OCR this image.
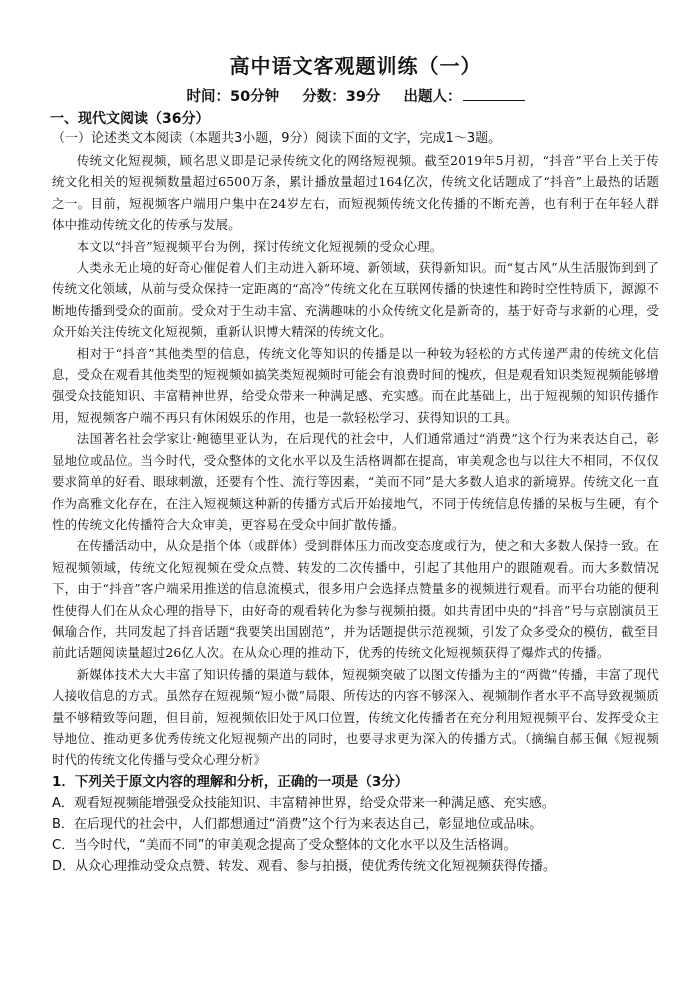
高中语文客观题训练（一）
时间：50分钟 分数：39分 出题人：
一、现代文阅读（36分）
（一）论述类文本阅读（本题共3小题，9分）阅读下面的文字，完成1～3题。

传统文化短视频，顾名思义即是记录传统文化的网络短视频。截至2019年5月初，“抖音”平台上关于传统文化相关的短视频数量超过6500万条，累计播放量超过164亿次，传统文化话题成了“抖音”上最热的话题之一。目前，短视频客户端用户集中在24岁左右，而短视频传统文化传播的不断充善，也有利于在年轻人群体中推动传统文化的传承与发展。

本文以“抖音”短视频平台为例，探讨传统文化短视频的受众心理。

人类永无止境的好奇心催促着人们主动进入新环境、新领域，获得新知识。而“复古风”从生活服饰到到了传统文化领域，从前与受众保持一定距离的“高冷”传统文化在互联网传播的快速性和跨时空性特质下，源源不断地传播到受众的面前。受众对于生动丰富、充满趣味的小众传统文化是新奇的，基于好奇与求新的心理，受众开始关注传统文化短视频，重新认识博大精深的传统文化。

相对于“抖音”其他类型的信息，传统文化等知识的传播是以一种较为轻松的方式传递严肃的传统文化信息，受众在观看其他类型的短视频如搞笑类短视频时可能会有浪费时间的愧疚，但是观看知识类短视频能够增强受众技能知识、丰富精神世界，给受众带来一种满足感、充实感。而在此基础上，出于短视频的知识传播作用，短视频客户端不再只有休闲娱乐的作用，也是一款轻松学习、获得知识的工具。

法国著名社会学家让·鲍德里亚认为，在后现代的社会中，人们通常通过“消费”这个行为来表达自己，彰显地位或品位。当今时代，受众整体的文化水平以及生活格调都在提高，审美观念也与以往大不相同，不仅仅要求简单的好看、眼球刺激，还要有个性、流行等因素，“美而不同”是大多数人追求的新境界。传统文化一直作为高雅文化存在，在注入短视频这种新的传播方式后开始接地气，不同于传统信息传播的呆板与生硬，有个性的传统文化传播符合大众审美，更容易在受众中间扩散传播。

在传播活动中，从众是指个体（或群体）受到群体压力而改变态度或行为，使之和大多数人保持一致。在短视频领域，传统文化短视频在受众点赞、转发的二次传播中，引起了其他用户的跟随观看。而大多数情况下，由于“抖音”客户端采用推送的信息流模式，很多用户会选择点赞量多的视频进行观看。而平台功能的便利性使得人们在从众心理的指导下，由好奇的观看转化为参与视频拍摄。如共青团中央的“抖音”号与京剧演员王佩瑜合作，共同发起了抖音话题“我要笑出国剧范”，并为话题提供示范视频，引发了众多受众的模仿，截至目前此话题阅读量超过26亿人次。在从众心理的推动下，优秀的传统文化短视频获得了爆炸式的传播。

新媒体技术大大丰富了知识传播的渠道与载体，短视频突破了以图文传播为主的“两微”传播，丰富了现代人接收信息的方式。虽然存在短视频“短小微”局限、所传达的内容不够深入、视频制作者水平不高导致视频质量不够精致等问题，但目前，短视频依旧处于风口位置，传统文化传播者在充分利用短视频平台、发挥受众主导地位、推动更多优秀传统文化短视频产出的同时，也要寻求更为深入的传播方式。（摘编自郝玉佩《短视频时代的传统文化传播与受众心理分析》

1．下列关于原文内容的理解和分析，正确的一项是（3分）

A．观看短视频能增强受众技能知识、丰富精神世界，给受众带来一种满足感、充实感。

B．在后现代的社会中，人们都想通过“消费”这个行为来表达自己，彰显地位或品味。

C．当今时代，“美而不同”的审美观念提高了受众整体的文化水平以及生活格调。

D．从众心理推动受众点赞、转发、观看、参与拍摄，使优秀传统文化短视频获得传播。
